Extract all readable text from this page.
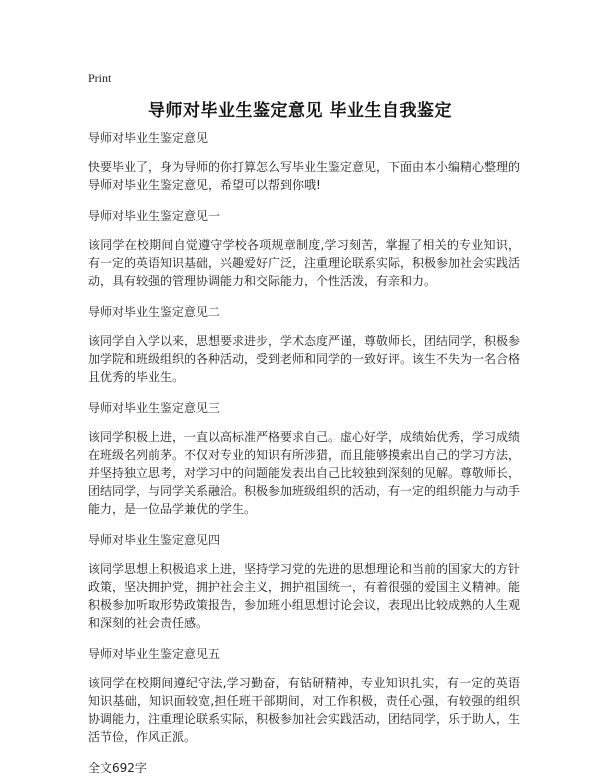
Print
导师对毕业生鉴定意见 毕业生自我鉴定

导师对毕业生鉴定意见

快要毕业了，身为导师的你打算怎么写毕业生鉴定意见，下面由本小编精心整理的导师对毕业生鉴定意见，希望可以帮到你哦!

导师对毕业生鉴定意见一

该同学在校期间自觉遵守学校各项规章制度,学习刻苦，掌握了相关的专业知识，有一定的英语知识基础，兴趣爱好广泛，注重理论联系实际，积极参加社会实践活动，具有较强的管理协调能力和交际能力，个性活泼，有亲和力。

导师对毕业生鉴定意见二

该同学自入学以来，思想要求进步，学术态度严谨，尊敬师长，团结同学，积极参加学院和班级组织的各种活动，受到老师和同学的一致好评。该生不失为一名合格且优秀的毕业生。

导师对毕业生鉴定意见三

该同学积极上进，一直以高标准严格要求自己。虚心好学，成绩始优秀，学习成绩在班级名列前茅。不仅对专业的知识有所涉猎，而且能够摸索出自己的学习方法，并坚持独立思考，对学习中的问题能发表出自己比较独到深刻的见解。尊敬师长，团结同学，与同学关系融洽。积极参加班级组织的活动，有一定的组织能力与动手能力，是一位品学兼优的学生。

导师对毕业生鉴定意见四

该同学思想上积极追求上进，坚持学习党的先进的思想理论和当前的国家大的方针政策，坚决拥护党，拥护社会主义，拥护祖国统一，有着很强的爱国主义精神。能积极参加听取形势政策报告，参加班小组思想讨论会议，表现出比较成熟的人生观和深刻的社会责任感。

导师对毕业生鉴定意见五

该同学在校期间遵纪守法,学习勤奋，有钻研精神，专业知识扎实，有一定的英语知识基础，知识面较宽,担任班干部期间，对工作积极，责任心强，有较强的组织协调能力，注重理论联系实际，积极参加社会实践活动，团结同学，乐于助人，生活节俭，作风正派。

全文692字
